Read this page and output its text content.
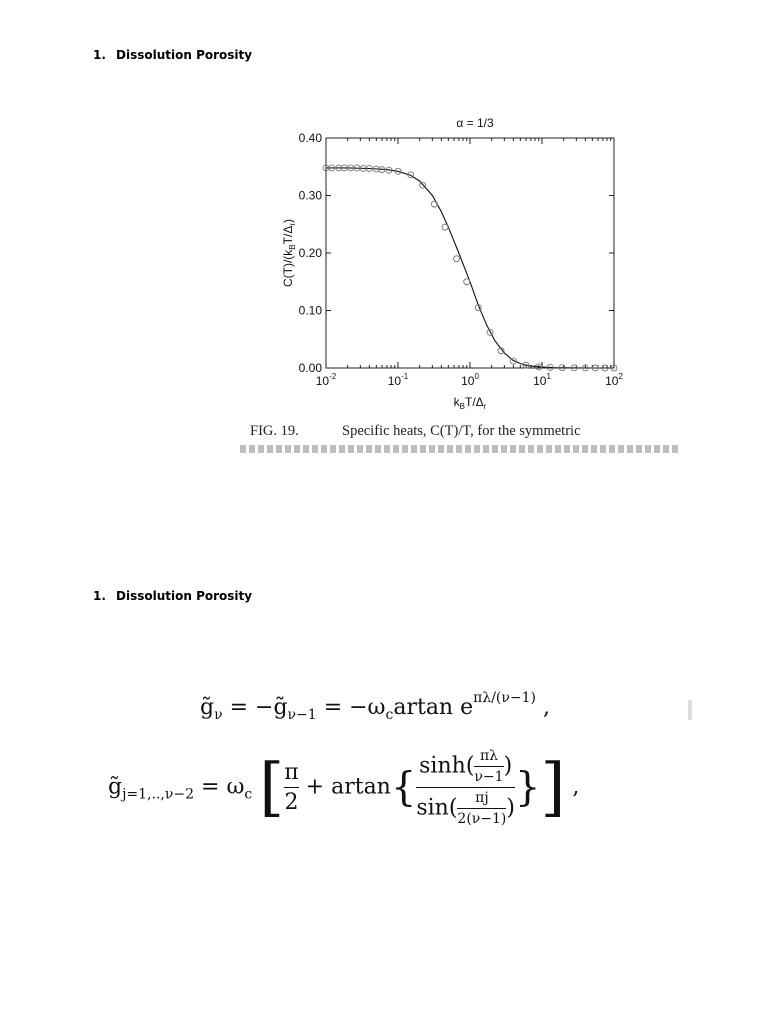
1. Dissolution Porosity
α = 1/3
0.00
0.10
0.20
0.30
0.40
$10^{-2}$	$10^{-1}$	$10^0$	$10^1$	$10^2$
$k_BT/\Delta_r$
$C(T)/(k_BT/\Delta_r)$
FIG. 19.	Specific heats, C(T)/T, for the symmetric
1. Dissolution Porosity
$g̃_\nu$ = $-g̃_{\nu-1} = -\omega_cartan$ $e^{\pi\lambda/(\nu-1)}$ ,
$g̃_{j=1,..,\nu-2} = \omega_c$ [ $\frac{\pi}{2} + artan\{ \frac{\sinh( \frac{\pi\lambda}{\nu-1} )}{\sin( \frac{\pi j}{2(\nu-1)} )}$ }] ,
